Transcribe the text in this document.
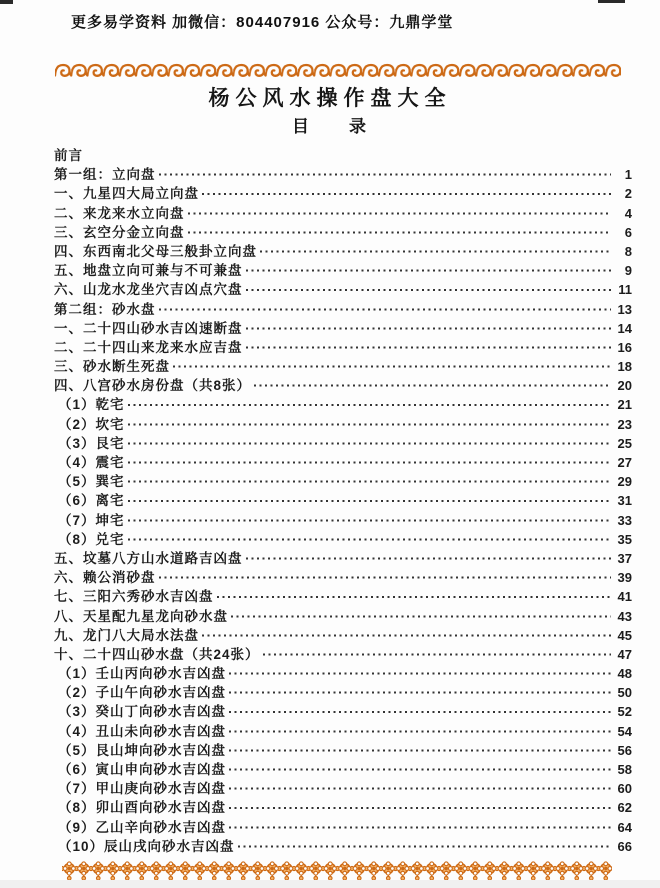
更多易学资料 加微信：804407916 公众号：九鼎学堂
杨公风水操作盘大全
目　　录
前言
第一组：立向盘	1
一、九星四大局立向盘	2
二、来龙来水立向盘	4
三、玄空分金立向盘	6
四、东西南北父母三般卦立向盘	8
五、地盘立向可兼与不可兼盘	9
六、山龙水龙坐穴吉凶点穴盘	11
第二组：砂水盘	13
一、二十四山砂水吉凶速断盘	14
二、二十四山来龙来水应吉盘	16
三、砂水断生死盘	18
四、八宫砂水房份盘（共8张）	20
（1）乾宅	21
（2）坎宅	23
（3）艮宅	25
（4）震宅	27
（5）巽宅	29
（6）离宅	31
（7）坤宅	33
（8）兑宅	35
五、坟墓八方山水道路吉凶盘	37
六、赖公消砂盘	39
七、三阳六秀砂水吉凶盘	41
八、天星配九星龙向砂水盘	43
九、龙门八大局水法盘	45
十、二十四山砂水盘（共24张）	47
（1）壬山丙向砂水吉凶盘	48
（2）子山午向砂水吉凶盘	50
（3）癸山丁向砂水吉凶盘	52
（4）丑山未向砂水吉凶盘	54
（5）艮山坤向砂水吉凶盘	56
（6）寅山申向砂水吉凶盘	58
（7）甲山庚向砂水吉凶盘	60
（8）卯山酉向砂水吉凶盘	62
（9）乙山辛向砂水吉凶盘	64
（10）辰山戌向砂水吉凶盘	66
